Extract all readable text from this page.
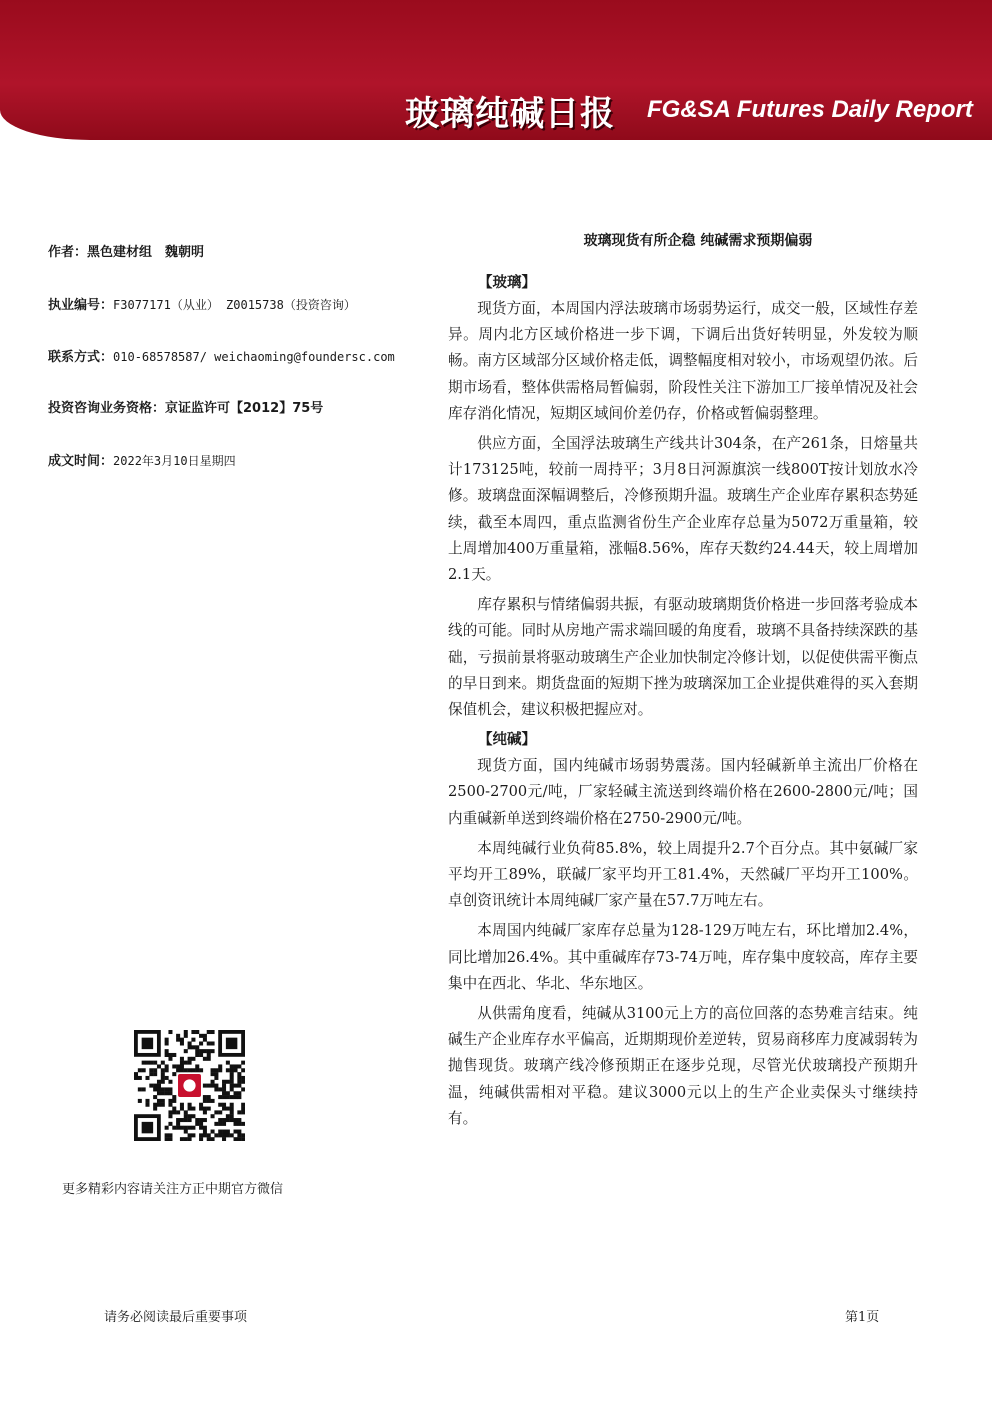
玻璃纯碱日报 FG&SA Futures Daily Report
作者：黑色建材组　魏朝明
执业编号：F3077171（从业） Z0015738（投资咨询）
联系方式：010-68578587/ weichaoming@foundersc.com
投资咨询业务资格：京证监许可【2012】75号
成文时间：2022年3月10日星期四
更多精彩内容请关注方正中期官方微信
玻璃现货有所企稳 纯碱需求预期偏弱
【玻璃】

现货方面，本周国内浮法玻璃市场弱势运行，成交一般，区域性存差异。周内北方区域价格进一步下调，下调后出货好转明显，外发较为顺畅。南方区域部分区域价格走低，调整幅度相对较小，市场观望仍浓。后期市场看，整体供需格局暂偏弱，阶段性关注下游加工厂接单情况及社会库存消化情况，短期区域间价差仍存，价格或暂偏弱整理。

供应方面，全国浮法玻璃生产线共计304条，在产261条，日熔量共计173125吨，较前一周持平；3月8日河源旗滨一线800T按计划放水冷修。玻璃盘面深幅调整后，冷修预期升温。玻璃生产企业库存累积态势延续，截至本周四，重点监测省份生产企业库存总量为5072万重量箱，较上周增加400万重量箱，涨幅8.56%，库存天数约24.44天，较上周增加2.1天。

库存累积与情绪偏弱共振，有驱动玻璃期货价格进一步回落考验成本线的可能。同时从房地产需求端回暖的角度看，玻璃不具备持续深跌的基础，亏损前景将驱动玻璃生产企业加快制定冷修计划，以促使供需平衡点的早日到来。期货盘面的短期下挫为玻璃深加工企业提供难得的买入套期保值机会，建议积极把握应对。

【纯碱】

现货方面，国内纯碱市场弱势震荡。国内轻碱新单主流出厂价格在2500-2700元/吨，厂家轻碱主流送到终端价格在2600-2800元/吨；国内重碱新单送到终端价格在2750-2900元/吨。

本周纯碱行业负荷85.8%，较上周提升2.7个百分点。其中氨碱厂家平均开工89%，联碱厂家平均开工81.4%，天然碱厂平均开工100%。卓创资讯统计本周纯碱厂家产量在57.7万吨左右。

本周国内纯碱厂家库存总量为128-129万吨左右，环比增加2.4%，同比增加26.4%。其中重碱库存73-74万吨，库存集中度较高，库存主要集中在西北、华北、华东地区。

从供需角度看，纯碱从3100元上方的高位回落的态势难言结束。纯碱生产企业库存水平偏高，近期期现价差逆转，贸易商移库力度减弱转为抛售现货。玻璃产线冷修预期正在逐步兑现，尽管光伏玻璃投产预期升温，纯碱供需相对平稳。建议3000元以上的生产企业卖保头寸继续持有。

请务必阅读最后重要事项	第1页
